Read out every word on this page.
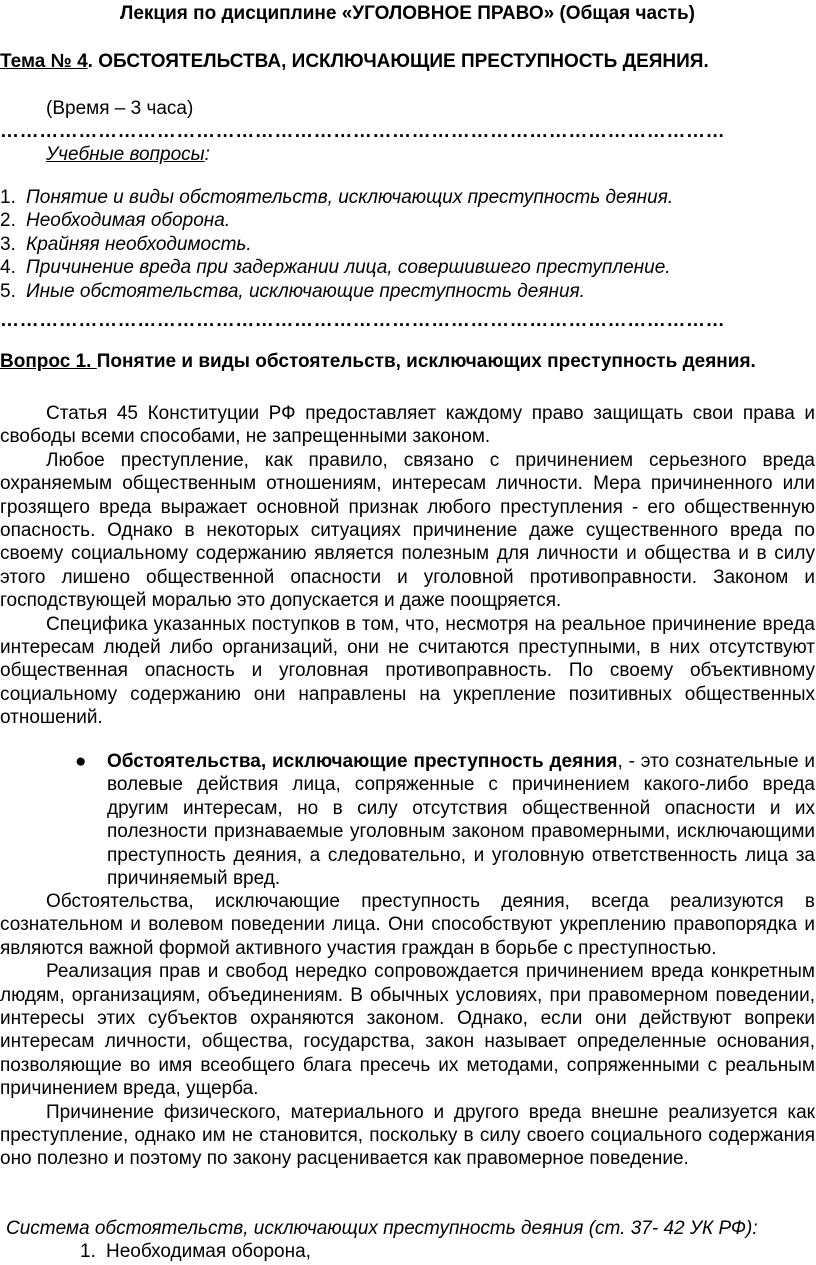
Лекция по дисциплине «УГОЛОВНОЕ ПРАВО» (Общая часть)
Тема № 4. ОБСТОЯТЕЛЬСТВА, ИСКЛЮЧАЮЩИЕ ПРЕСТУПНОСТЬ ДЕЯНИЯ.
(Время – 3 часа)
…………………………………………………………………………………………………
Учебные вопросы:
1. Понятие и виды обстоятельств, исключающих преступность деяния.
2. Необходимая оборона.
3. Крайняя необходимость.
4. Причинение вреда при задержании лица, совершившего преступление.
5. Иные обстоятельства, исключающие преступность деяния.
…………………………………………………………………………………………………
Вопрос 1. Понятие и виды обстоятельств, исключающих преступность деяния.

Статья 45 Конституции РФ предоставляет каждому право защищать свои права и свободы всеми способами, не запрещенными законом.

Любое преступление, как правило, связано с причинением серьезного вреда охраняемым общественным отношениям, интересам личности. Мера причиненного или грозящего вреда выражает основной признак любого преступления - его общественную опасность. Однако в некоторых ситуациях причинение даже существенного вреда по своему социальному содержанию является полезным для личности и общества и в силу этого лишено общественной опасности и уголовной противоправности. Законом и господствующей моралью это допускается и даже поощряется.

Специфика указанных поступков в том, что, несмотря на реальное причинение вреда интересам людей либо организаций, они не считаются преступными, в них отсутствуют общественная опасность и уголовная противоправность. По своему объективному социальному содержанию они направлены на укрепление позитивных общественных отношений.

● Обстоятельства, исключающие преступность деяния, - это сознательные и волевые действия лица, сопряженные с причинением какого-либо вреда другим интересам, но в силу отсутствия общественной опасности и их полезности признаваемые уголовным законом правомерными, исключающими преступность деяния, а следовательно, и уголовную ответственность лица за причиняемый вред.

Обстоятельства, исключающие преступность деяния, всегда реализуются в сознательном и волевом поведении лица. Они способствуют укреплению правопорядка и являются важной формой активного участия граждан в борьбе с преступностью.

Реализация прав и свобод нередко сопровождается причинением вреда конкретным людям, организациям, объединениям. В обычных условиях, при правомерном поведении, интересы этих субъектов охраняются законом. Однако, если они действуют вопреки интересам личности, общества, государства, закон называет определенные основания, позволяющие во имя всеобщего блага пресечь их методами, сопряженными с реальным причинением вреда, ущерба.

Причинение физического, материального и другого вреда внешне реализуется как преступление, однако им не становится, поскольку в силу своего социального содержания оно полезно и поэтому по закону расценивается как правомерное поведение.

Система обстоятельств, исключающих преступность деяния (ст. 37- 42 УК РФ):
1. Необходимая оборона,
